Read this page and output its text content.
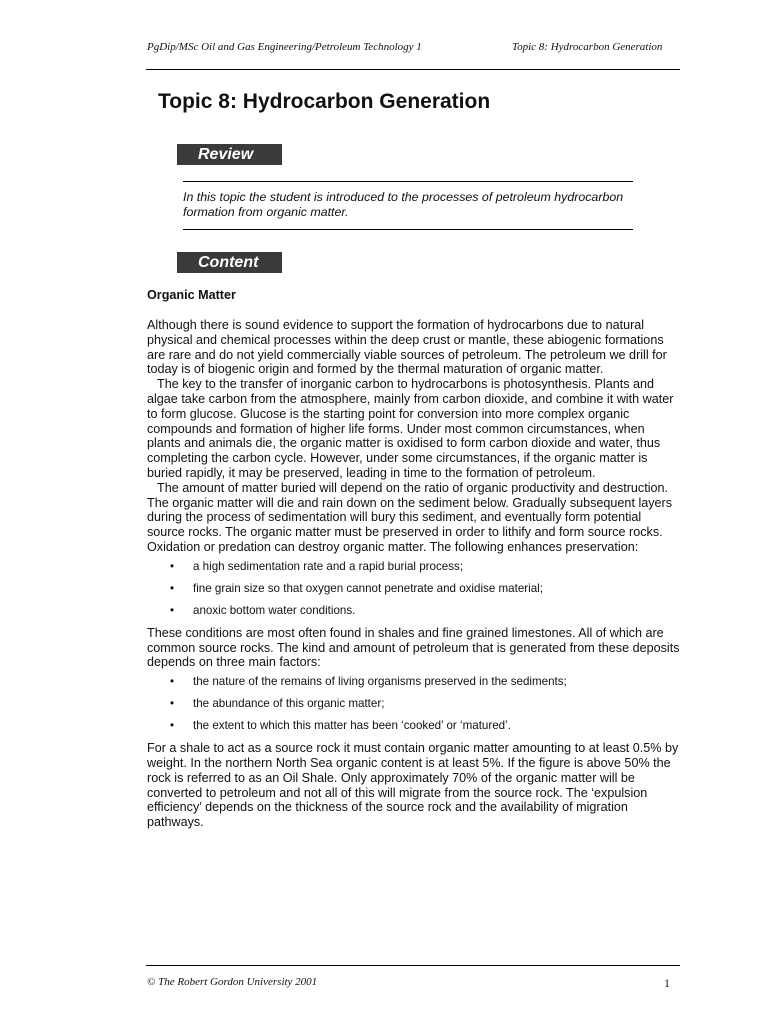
PgDip/MSc Oil and Gas Engineering/Petroleum Technology 1	Topic 8: Hydrocarbon Generation
Topic 8: Hydrocarbon Generation
Review
In this topic the student is introduced to the processes of petroleum hydrocarbon formation from organic matter.
Content
Organic Matter

Although there is sound evidence to support the formation of hydrocarbons due to natural physical and chemical processes within the deep crust or mantle, these abiogenic formations are rare and do not yield commercially viable sources of petroleum. The petroleum we drill for today is of biogenic origin and formed by the thermal maturation of organic matter.

The key to the transfer of inorganic carbon to hydrocarbons is photosynthesis. Plants and algae take carbon from the atmosphere, mainly from carbon dioxide, and combine it with water to form glucose. Glucose is the starting point for conversion into more complex organic compounds and formation of higher life forms. Under most common circumstances, when plants and animals die, the organic matter is oxidised to form carbon dioxide and water, thus completing the carbon cycle. However, under some circumstances, if the organic matter is buried rapidly, it may be preserved, leading in time to the formation of petroleum.

The amount of matter buried will depend on the ratio of organic productivity and destruction. The organic matter will die and rain down on the sediment below. Gradually subsequent layers during the process of sedimentation will bury this sediment, and eventually form potential source rocks. The organic matter must be preserved in order to lithify and form source rocks. Oxidation or predation can destroy organic matter. The following enhances preservation:

• a high sedimentation rate and a rapid burial process;
• fine grain size so that oxygen cannot penetrate and oxidise material;
• anoxic bottom water conditions.

These conditions are most often found in shales and fine grained limestones. All of which are common source rocks. The kind and amount of petroleum that is generated from these deposits depends on three main factors:

• the nature of the remains of living organisms preserved in the sediments;
• the abundance of this organic matter;
• the extent to which this matter has been ‘cooked’ or ‘matured’.

For a shale to act as a source rock it must contain organic matter amounting to at least 0.5% by weight. In the northern North Sea organic content is at least 5%. If the figure is above 50% the rock is referred to as an Oil Shale. Only approximately 70% of the organic matter will be converted to petroleum and not all of this will migrate from the source rock. The ‘expulsion efficiency’ depends on the thickness of the source rock and the availability of migration pathways.

© The Robert Gordon University 2001	1
